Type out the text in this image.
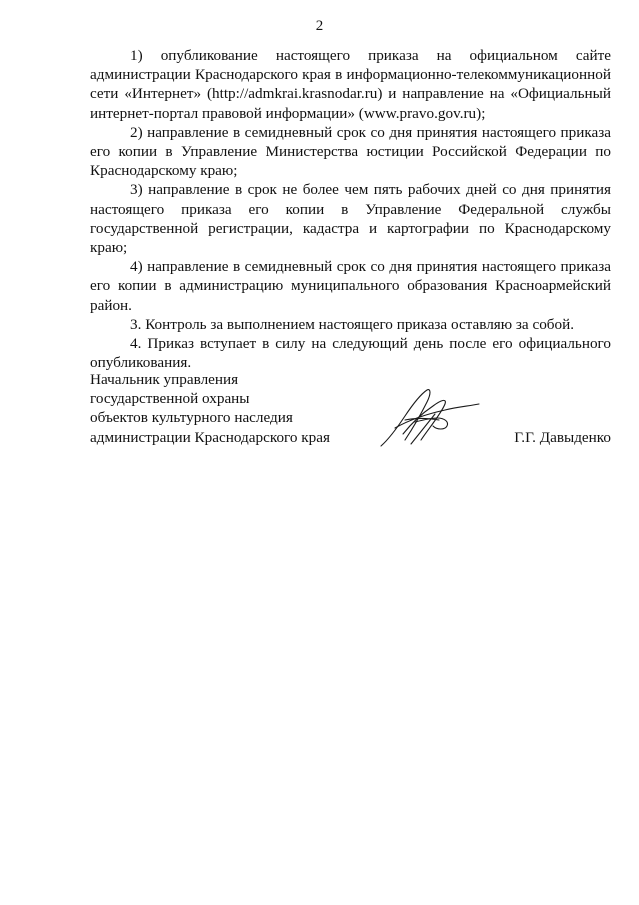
2

1) опубликование настоящего приказа на официальном сайте администрации Краснодарского края в информационно-телекоммуникационной сети «Интернет» (http://admkrai.krasnodar.ru) и направление на «Официальный интернет-портал правовой информации» (www.pravo.gov.ru);

2) направление в семидневный срок со дня принятия настоящего приказа его копии в Управление Министерства юстиции Российской Федерации по Краснодарскому краю;

3) направление в срок не более чем пять рабочих дней со дня принятия настоящего приказа его копии в Управление Федеральной службы государственной регистрации, кадастра и картографии по Краснодарскому краю;

4) направление в семидневный срок со дня принятия настоящего приказа его копии в администрацию муниципального образования Красноармейский район.

3. Контроль за выполнением настоящего приказа оставляю за собой.

4. Приказ вступает в силу на следующий день после его официального опубликования.

Начальник управления
государственной охраны
объектов культурного наследия
администрации Краснодарского края	Г.Г. Давыденко
